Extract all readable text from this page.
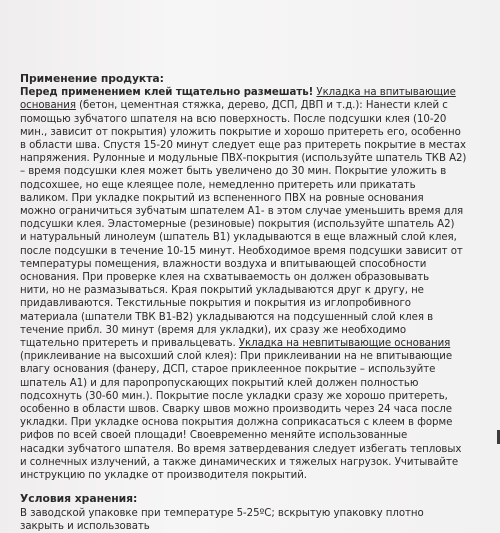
Применение продукта:
Перед применением клей тщательно размешать! Укладка на впитывающие
основания (бетон, цементная стяжка, дерево, ДСП, ДВП и т.д.): Нанести клей с
помощью зубчатого шпателя на всю поверхность. После подсушки клея (10-20
мин., зависит от покрытия) уложить покрытие и хорошо притереть его, особенно
в области шва. Спустя 15-20 минут следует еще раз притереть покрытие в местах
напряжения. Рулонные и модульные ПВХ-покрытия (используйте шпатель ТКВ А2)
– время подсушки клея может быть увеличено до 30 мин. Покрытие уложить в
подсохшее, но еще клеящее поле, немедленно притереть или прикатать
валиком. При укладке покрытий из вспененного ПВХ на ровные основания
можно ограничиться зубчатым шпателем А1- в этом случае уменьшить время для
подсушки клея. Эластомерные (резиновые) покрытия (используйте шпатель А2)
и натуральный линолеум (шпатель В1) укладываются в еще влажный слой клея,
после подсушки в течение 10-15 минут. Необходимое время подсушки зависит от
температуры помещения, влажности воздуха и впитывающей способности
основания. При проверке клея на схватываемость он должен образовывать
нити, но не размазываться. Края покрытий укладываются друг к другу, не
придавливаются. Текстильные покрытия и покрытия из иглопробивного
материала (шпатели ТВК В1-В2) укладываются на подсушенный слой клея в
течение прибл. 30 минут (время для укладки), их сразу же необходимо
тщательно притереть и привальцевать. Укладка на невпитывающие основания
(приклеивание на высохший слой клея): При приклеивании на не впитывающие
влагу основания (фанеру, ДСП, старое приклеенное покрытие – используйте
шпатель А1) и для паропропускающих покрытий клей должен полностью
подсохнуть (30-60 мин.). Покрытие после укладки сразу же хорошо притереть,
особенно в области швов. Сварку швов можно производить через 24 часа после
укладки. При укладке основа покрытия должна соприкасаться с клеем в форме
рифов по всей своей площади! Своевременно меняйте использованные
насадки зубчатого шпателя. Во время затвердевания следует избегать тепловых
и солнечных излучений, а также динамических и тяжелых нагрузок. Учитывайте
инструкцию по укладке от производителя покрытий.
Условия хранения:
В заводской упаковке при температуре 5-25ºС; вскрытую упаковку плотно
закрыть и использовать
